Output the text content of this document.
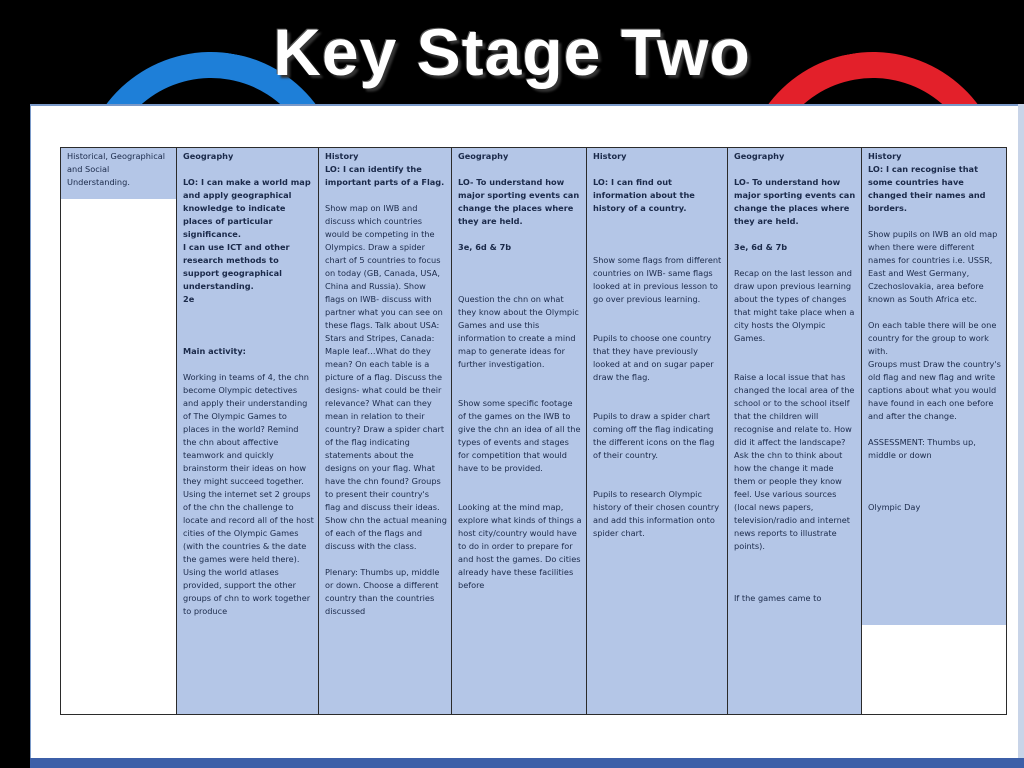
Key Stage Two
Historical, Geographical and Social Understanding.

Geography
LO: I can make a world map and apply geographical knowledge to indicate places of particular significance.
I can use ICT and other research methods to support geographical understanding.
2e
Main activity:
Working in teams of 4, the chn become Olympic detectives and apply their understanding of The Olympic Games to places in the world? Remind the chn about affective teamwork and quickly brainstorm their ideas on how they might succeed together. Using the internet set 2 groups of the chn the challenge to locate and record all of the host cities of the Olympic Games (with the countries & the date the games were held there). Using the world atlases provided, support the other groups of chn to work together to produce

History
LO: I can identify the important parts of a Flag.
Show map on IWB and discuss which countries would be competing in the Olympics. Draw a spider chart of 5 countries to focus on today (GB, Canada, USA, China and Russia). Show flags on IWB- discuss with partner what you can see on these flags. Talk about USA: Stars and Stripes, Canada: Maple leaf…What do they mean? On each table is a picture of a flag. Discuss the designs- what could be their relevance? What can they mean in relation to their country? Draw a spider chart of the flag indicating statements about the designs on your flag. What have the chn found? Groups to present their country's flag and discuss their ideas. Show chn the actual meaning of each of the flags and discuss with the class.
Plenary: Thumbs up, middle or down. Choose a different country than the countries discussed

Geography
LO- To understand how major sporting events can change the places where they are held.
3e, 6d & 7b
Question the chn on what they know about the Olympic Games and use this information to create a mind map to generate ideas for further investigation.
Show some specific footage of the games on the IWB to give the chn an idea of all the types of events and stages for competition that would have to be provided.
Looking at the mind map, explore what kinds of things a host city/country would have to do in order to prepare for and host the games. Do cities already have these facilities before

History
LO: I can find out information about the history of a country.
Show some flags from different countries on IWB- same flags looked at in previous lesson to go over previous learning.
Pupils to choose one country that they have previously looked at and on sugar paper draw the flag.
Pupils to draw a spider chart coming off the flag indicating the different icons on the flag of their country.
Pupils to research Olympic history of their chosen country and add this information onto spider chart.

Geography
LO- To understand how major sporting events can change the places where they are held.
3e, 6d & 7b
Recap on the last lesson and draw upon previous learning about the types of changes that might take place when a city hosts the Olympic Games.
Raise a local issue that has changed the local area of the school or to the school itself that the children will recognise and relate to. How did it affect the landscape? Ask the chn to think about how the change it made them or people they know feel. Use various sources (local news papers, television/radio and internet news reports to illustrate points).
If the games came to

History
LO: I can recognise that some countries have changed their names and borders.
Show pupils on IWB an old map when there were different names for countries i.e. USSR, East and West Germany, Czechoslovakia, area before known as South Africa etc.
On each table there will be one country for the group to work with.
Groups must Draw the country's old flag and new flag and write captions about what you would have found in each one before and after the change.
ASSESSMENT: Thumbs up, middle or down
Olympic Day
